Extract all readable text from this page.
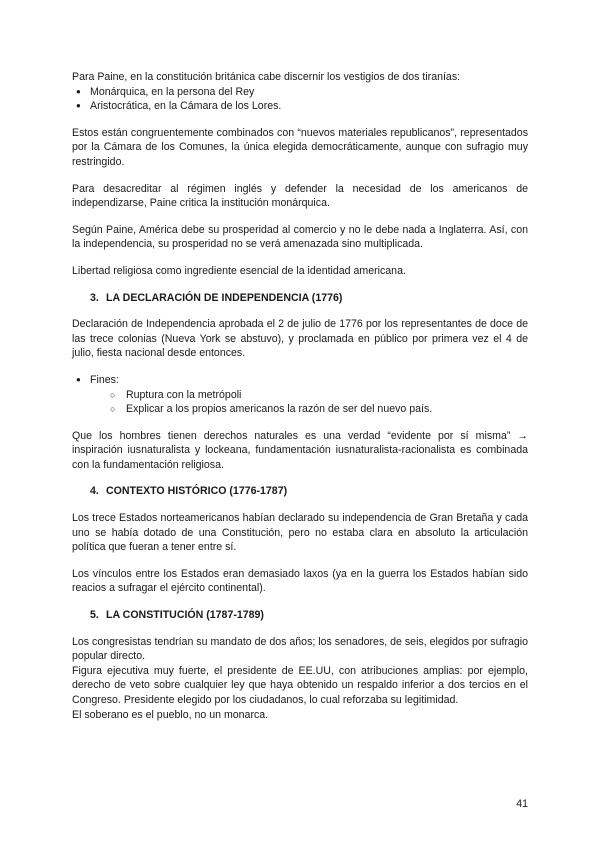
Para Paine, en la constitución británica cabe discernir los vestigios de dos tiranías:

● Monárquica, en la persona del Rey
● Aristocrática, en la Cámara de los Lores.

Estos están congruentemente combinados con “nuevos materiales republicanos”, representados por la Cámara de los Comunes, la única elegida democráticamente, aunque con sufragio muy restringido.

Para desacreditar al régimen inglés y defender la necesidad de los americanos de independizarse, Paine critica la institución monárquica.

Según Paine, América debe su prosperidad al comercio y no le debe nada a Inglaterra. Así, con la independencia, su prosperidad no se verá amenazada sino multiplicada.

Libertad religiosa como ingrediente esencial de la identidad americana.

3. LA DECLARACIÓN DE INDEPENDENCIA (1776)

Declaración de Independencia aprobada el 2 de julio de 1776 por los representantes de doce de las trece colonias (Nueva York se abstuvo), y proclamada en público por primera vez el 4 de julio, fiesta nacional desde entonces.

● Fines:
○ Ruptura con la metrópoli
○ Explicar a los propios americanos la razón de ser del nuevo país.

Que los hombres tienen derechos naturales es una verdad “evidente por sí misma” → inspiración iusnaturalista y lockeana, fundamentación iusnaturalista-racionalista es combinada con la fundamentación religiosa.

4. CONTEXTO HISTÓRICO (1776-1787)

Los trece Estados norteamericanos habían declarado su independencia de Gran Bretaña y cada uno se había dotado de una Constitución, pero no estaba clara en absoluto la articulación política que fueran a tener entre sí.

Los vínculos entre los Estados eran demasiado laxos (ya en la guerra los Estados habían sido reacios a sufragar el ejército continental).

5. LA CONSTITUCIÓN (1787-1789)

Los congresistas tendrían su mandato de dos años; los senadores, de seis, elegidos por sufragio popular directo.

Figura ejecutiva muy fuerte, el presidente de EE.UU, con atribuciones amplias: por ejemplo, derecho de veto sobre cualquier ley que haya obtenido un respaldo inferior a dos tercios en el Congreso. Presidente elegido por los ciudadanos, lo cual reforzaba su legitimidad.

El soberano es el pueblo, no un monarca.

41
